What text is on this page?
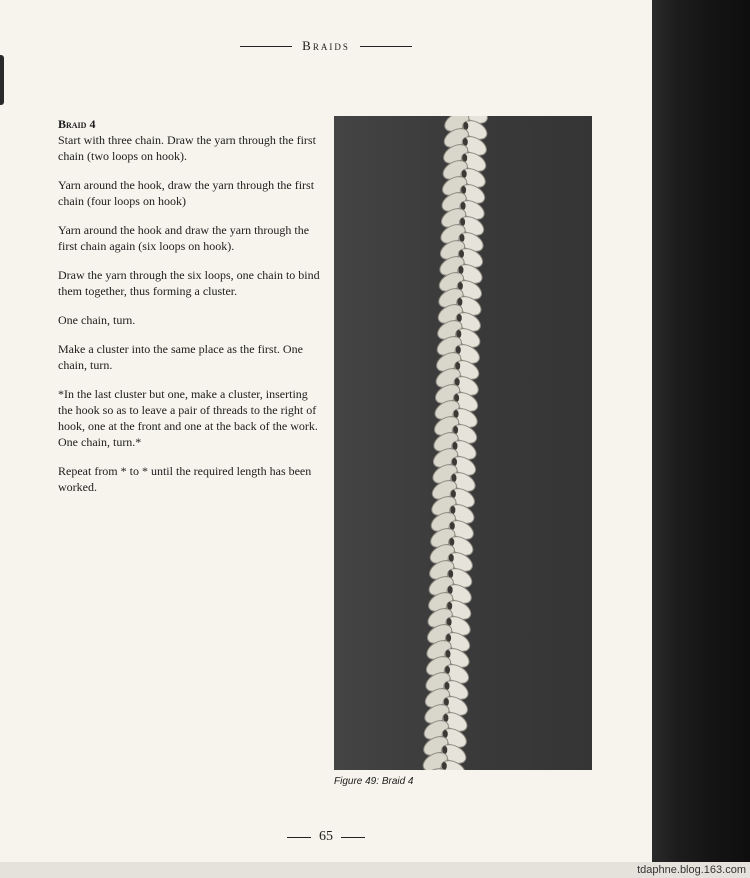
Braids
Braid 4

Start with three chain. Draw the yarn through the first chain (two loops on hook).

Yarn around the hook, draw the yarn through the first chain (four loops on hook)

Yarn around the hook and draw the yarn through the first chain again (six loops on hook).

Draw the yarn through the six loops, one chain to bind them together, thus forming a cluster.

One chain, turn.

Make a cluster into the same place as the first. One chain, turn.

*In the last cluster but one, make a cluster, inserting the hook so as to leave a pair of threads to the right of hook, one at the front and one at the back of the work. One chain, turn.*

Repeat from * to * until the required length has been worked.

Figure 49: Braid 4
65
tdaphne.blog.163.com
